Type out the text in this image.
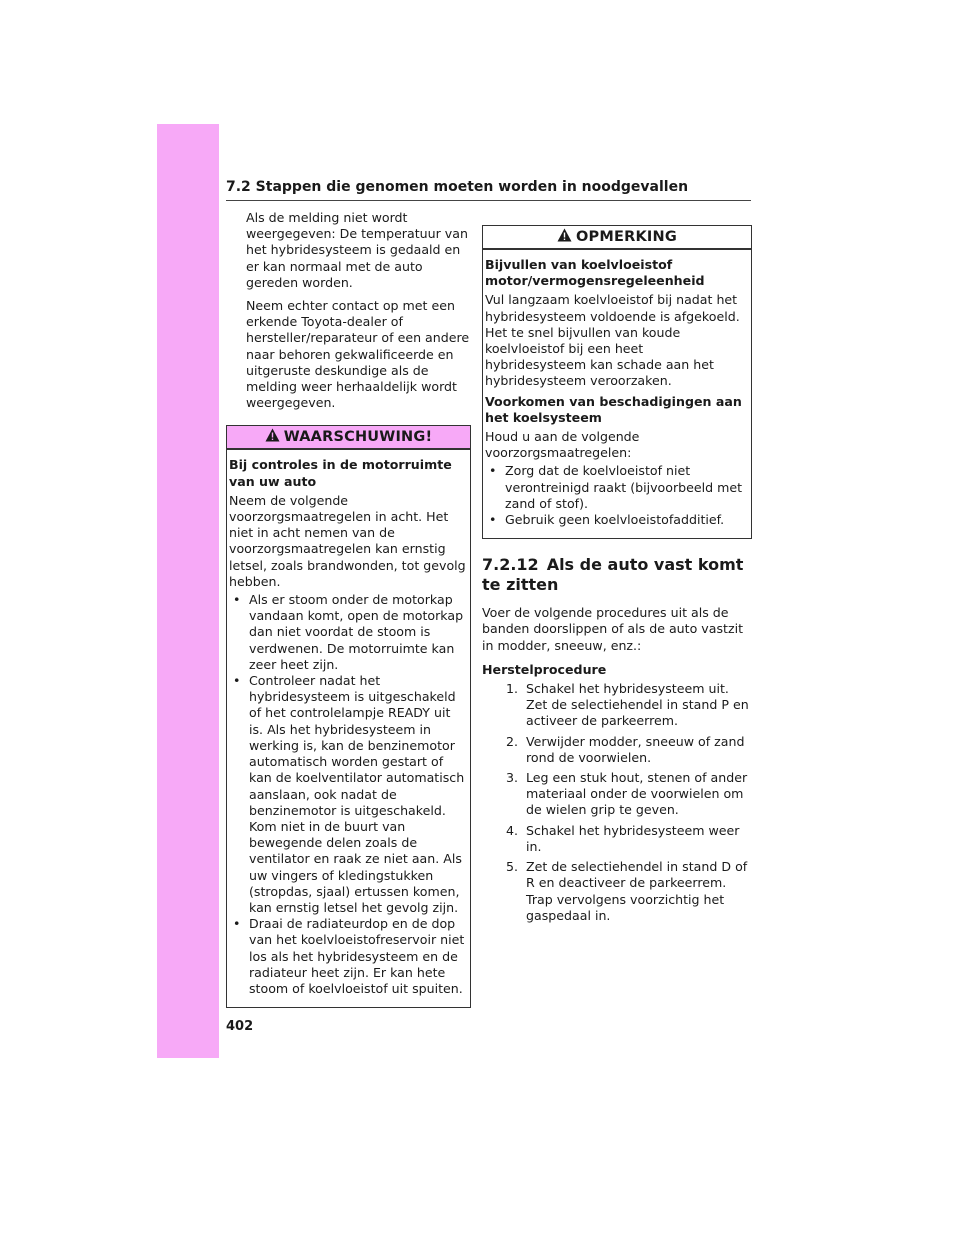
7.2 Stappen die genomen moeten worden in noodgevallen

Als de melding niet wordt weergegeven: De temperatuur van het hybridesysteem is gedaald en er kan normaal met de auto gereden worden.

Neem echter contact op met een erkende Toyota-dealer of hersteller/reparateur of een andere naar behoren gekwalificeerde en uitgeruste deskundige als de melding weer herhaaldelijk wordt weergegeven.

WAARSCHUWING!

Bij controles in de motorruimte van uw auto

Neem de volgende voorzorgsmaatregelen in acht. Het niet in acht nemen van de voorzorgsmaatregelen kan ernstig letsel, zoals brandwonden, tot gevolg hebben.

• Als er stoom onder de motorkap vandaan komt, open de motorkap dan niet voordat de stoom is verdwenen. De motorruimte kan zeer heet zijn.
• Controleer nadat het hybridesysteem is uitgeschakeld of het controlelampje READY uit is. Als het hybridesysteem in werking is, kan de benzinemotor automatisch worden gestart of kan de koelventilator automatisch aanslaan, ook nadat de benzinemotor is uitgeschakeld. Kom niet in de buurt van bewegende delen zoals de ventilator en raak ze niet aan. Als uw vingers of kledingstukken (stropdas, sjaal) ertussen komen, kan ernstig letsel het gevolg zijn.
• Draai de radiateurdop en de dop van het koelvloeistofreservoir niet los als het hybridesysteem en de radiateur heet zijn. Er kan hete stoom of koelvloeistof uit spuiten.
OPMERKING

Bijvullen van koelvloeistof motor/vermogensregeleenheid

Vul langzaam koelvloeistof bij nadat het hybridesysteem voldoende is afgekoeld. Het te snel bijvullen van koude koelvloeistof bij een heet hybridesysteem kan schade aan het hybridesysteem veroorzaken.

Voorkomen van beschadigingen aan het koelsysteem

Houd u aan de volgende voorzorgsmaatregelen:

• Zorg dat de koelvloeistof niet verontreinigd raakt (bijvoorbeeld met zand of stof).
• Gebruik geen koelvloeistofadditief.
7.2.12 Als de auto vast komt te zitten

Voer de volgende procedures uit als de banden doorslippen of als de auto vastzit in modder, sneeuw, enz.:

Herstelprocedure

1. Schakel het hybridesysteem uit. Zet de selectiehendel in stand P en activeer de parkeerrem.
2. Verwijder modder, sneeuw of zand rond de voorwielen.
3. Leg een stuk hout, stenen of ander materiaal onder de voorwielen om de wielen grip te geven.
4. Schakel het hybridesysteem weer in.
5. Zet de selectiehendel in stand D of R en deactiveer de parkeerrem. Trap vervolgens voorzichtig het gaspedaal in.
402
